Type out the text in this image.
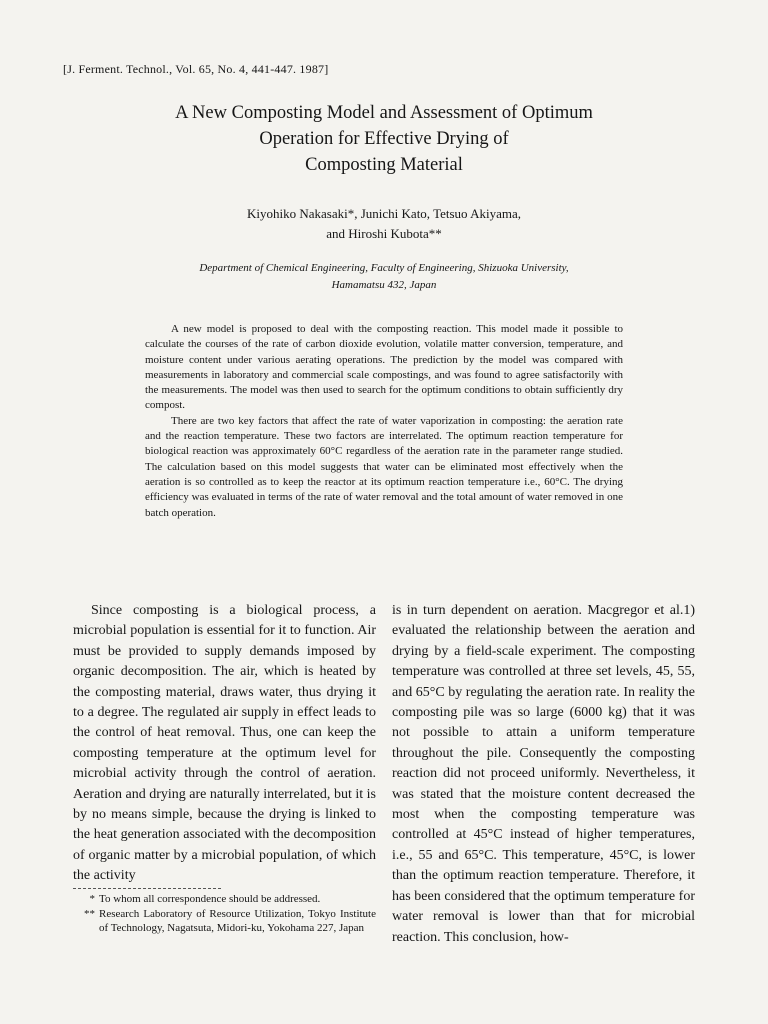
[J. Ferment. Technol., Vol. 65, No. 4, 441-447. 1987]
A New Composting Model and Assessment of Optimum
Operation for Effective Drying of
Composting Material
Kiyohiko Nakasaki*, Junichi Kato, Tetsuo Akiyama,
and Hiroshi Kubota**
Department of Chemical Engineering, Faculty of Engineering, Shizuoka University,
Hamamatsu 432, Japan

A new model is proposed to deal with the composting reaction. This model made it possible to calculate the courses of the rate of carbon dioxide evolution, volatile matter conversion, temperature, and moisture content under various aerating operations. The prediction by the model was compared with measurements in laboratory and commercial scale compostings, and was found to agree satisfactorily with the measurements. The model was then used to search for the optimum conditions to obtain sufficiently dry compost.

There are two key factors that affect the rate of water vaporization in composting: the aeration rate and the reaction temperature. These two factors are interrelated. The optimum reaction temperature for biological reaction was approximately 60°C regardless of the aeration rate in the parameter range studied. The calculation based on this model suggests that water can be eliminated most effectively when the aeration is so controlled as to keep the reactor at its optimum reaction temperature i.e., 60°C. The drying efficiency was evaluated in terms of the rate of water removal and the total amount of water removed in one batch operation.

Since composting is a biological process, a microbial population is essential for it to function. Air must be provided to supply demands imposed by organic decomposition. The air, which is heated by the composting material, draws water, thus drying it to a degree. The regulated air supply in effect leads to the control of heat removal. Thus, one can keep the composting temperature at the optimum level for microbial activity through the control of aeration. Aeration and drying are naturally interrelated, but it is by no means simple, because the drying is linked to the heat generation associated with the decomposition of organic matter by a microbial population, of which the activity

is in turn dependent on aeration. Macgregor et al.1) evaluated the relationship between the aeration and drying by a field-scale experiment. The composting temperature was controlled at three set levels, 45, 55, and 65°C by regulating the aeration rate. In reality the composting pile was so large (6000 kg) that it was not possible to attain a uniform temperature throughout the pile. Consequently the composting reaction did not proceed uniformly. Nevertheless, it was stated that the moisture content decreased the most when the composting temperature was controlled at 45°C instead of higher temperatures, i.e., 55 and 65°C. This temperature, 45°C, is lower than the optimum reaction temperature. Therefore, it has been considered that the optimum temperature for water removal is lower than that for microbial reaction. This conclusion, how-

* To whom all correspondence should be addressed.
** Research Laboratory of Resource Utilization, Tokyo Institute of Technology, Nagatsuta, Midori-ku, Yokohama 227, Japan
